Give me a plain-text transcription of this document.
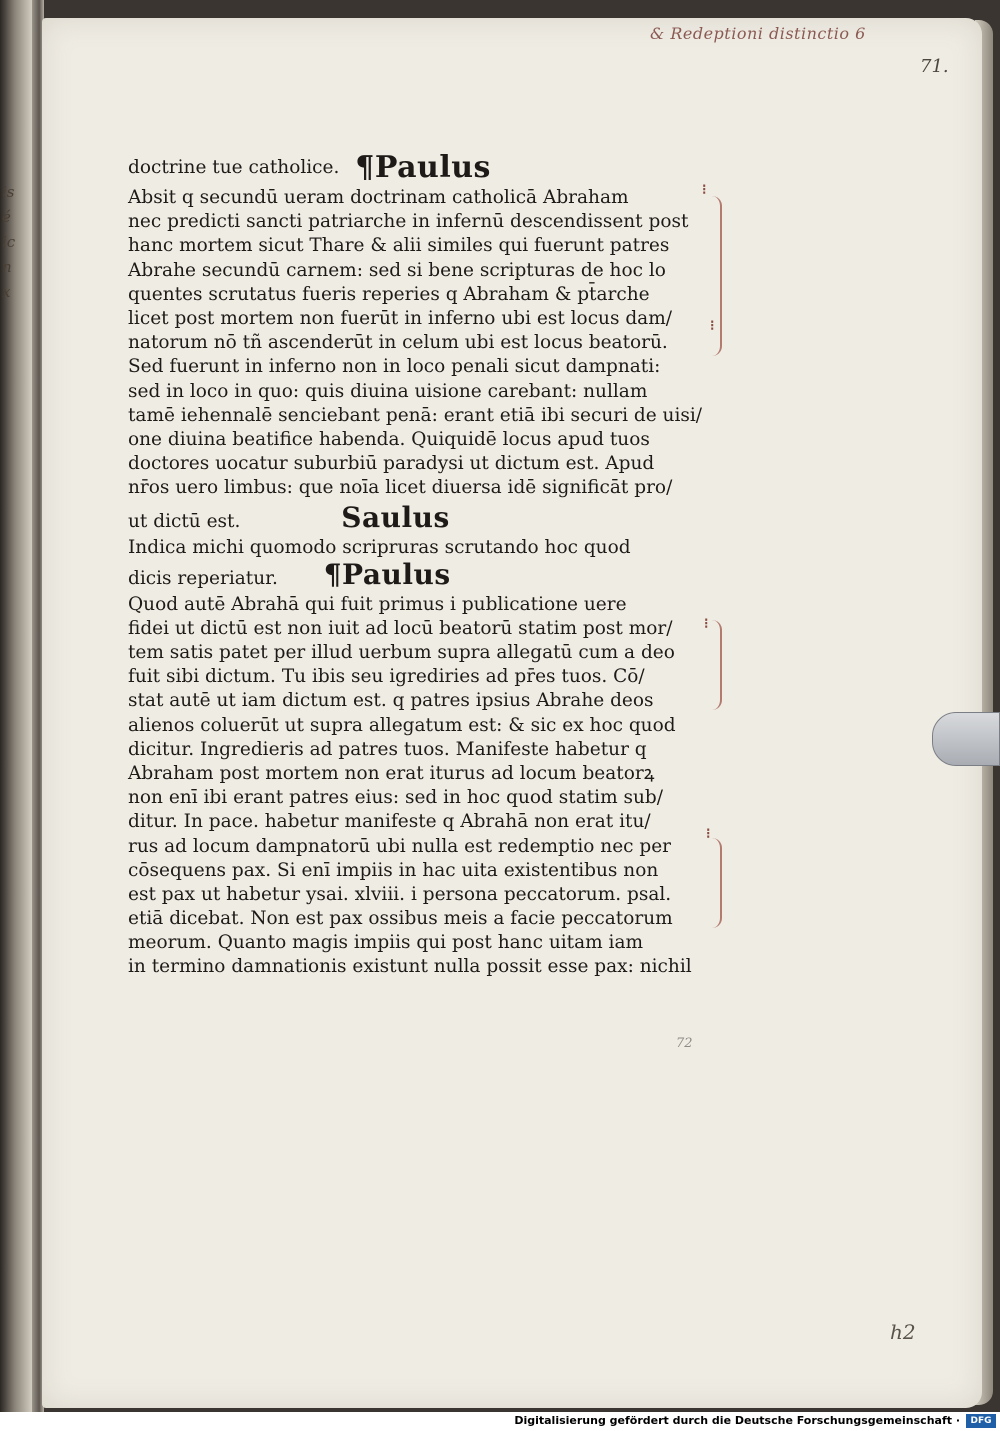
is
é
ic
n
x
& Redeptioni distinctio 6
71.
⁝
⁝
⁝
⁝
doctrine tue catholice. ¶Paulus
Absit q secundū ueram doctrinam catholicā Abraham
nec predicti sancti patriarche in infernū descendissent post
hanc mortem sicut Thare & alii similes qui fuerunt patres
Abrahe secundū carnem: sed si bene scripturas de hoc lo
quentes scrutatus fueris reperies q Abraham & pt̄arche
licet post mortem non fuerūt in inferno ubi est locus dam/
natorum nō tñ ascenderūt in celum ubi est locus beatorū.
Sed fuerunt in inferno non in loco penali sicut dampnati:
sed in loco in quo: quis diuina uisione carebant: nullam
tamē iehennalē senciebant penā: erant etiā ibi securi de uisi/
one diuina beatifice habenda. Quiquidē locus apud tuos
doctores uocatur suburbiū paradysi ut dictum est. Apud
nr̄os uero limbus: que noīa licet diuersa idē significāt pro/
ut dictū est.	Saulus
Indica michi quomodo scripruras scrutando hoc quod
dicis reperiatur. ¶Paulus
Quod autē Abrahā qui fuit primus i publicatione uere
fidei ut dictū est non iuit ad locū beatorū statim post mor/
tem satis patet per illud uerbum supra allegatū cum a deo
fuit sibi dictum. Tu ibis seu igrediries ad pr̄es tuos. Cō/
stat autē ut iam dictum est. q patres ipsius Abrahe deos
alienos coluerūt ut supra allegatum est: & sic ex hoc quod
dicitur. Ingredieris ad patres tuos. Manifeste habetur q
Abraham post mortem non erat iturus ad locum beatorꝝ
non enī ibi erant patres eius: sed in hoc quod statim sub/
ditur. In pace. habetur manifeste q Abrahā non erat itu/
rus ad locum dampnatorū ubi nulla est redemptio nec per
cōsequens pax. Si enī impiis in hac uita existentibus non
est pax ut habetur ysai. xlviii. i persona peccatorum. psal.
etiā dicebat. Non est pax ossibus meis a facie peccatorum
meorum. Quanto magis impiis qui post hanc uitam iam
in termino damnationis existunt nulla possit esse pax: nichil
72
h2
Digitalisierung gefördert durch die Deutsche Forschungsgemeinschaft ·	DFG
